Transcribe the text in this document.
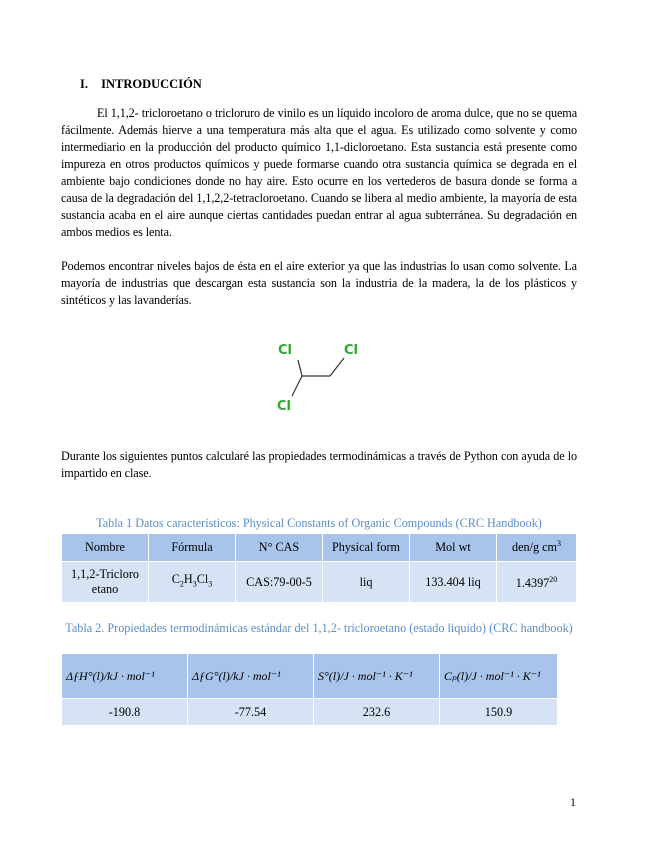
I. INTRODUCCIÓN

El 1,1,2- tricloroetano o tricloruro de vinilo es un líquido incoloro de aroma dulce, que no se quema fácilmente. Además hierve a una temperatura más alta que el agua. Es utilizado como solvente y como intermediario en la producción del producto químico 1,1-dicloroetano. Esta sustancia está presente como impureza en otros productos químicos y puede formarse cuando otra sustancia química se degrada en el ambiente bajo condiciones donde no hay aire. Esto ocurre en los vertederos de basura donde se forma a causa de la degradación del 1,1,2,2-tetracloroetano. Cuando se libera al medio ambiente, la mayoría de esta sustancia acaba en el aire aunque ciertas cantidades puedan entrar al agua subterránea. Su degradación en ambos medios es lenta.

Podemos encontrar niveles bajos de ésta en el aire exterior ya que las industrias lo usan como solvente. La mayoría de industrias que descargan esta sustancia son la industria de la madera, la de los plásticos y sintéticos y las lavanderías.

Cl	Cl
Cl

Durante los siguientes puntos calcularé las propiedades termodinámicas a través de Python con ayuda de lo impartido en clase.

Tabla 1 Datos característicos: Physical Constants of Organic Compounds (CRC Handbook)
Nombre	Fórmula	N° CAS	Physical form	Mol wt	den/g $cm^3$
1,1,2-Tricloro etano	$C_2H_3Cl_3$	CAS:79-00-5	liq	133.404 liq	1.4397$^{20}$
Tabla 2. Propiedades termodinámicas estándar del 1,1,2- tricloroetano (estado liquido) (CRC handbook)
ΔƒH°(l)/kJ · mol⁻¹	ΔƒG°(l)/kJ · mol⁻¹	S°(l)/J · mol⁻¹ · K⁻¹	Cₚ(l)/J · mol⁻¹ · K⁻¹
-190.8	-77.54	232.6	150.9
1
